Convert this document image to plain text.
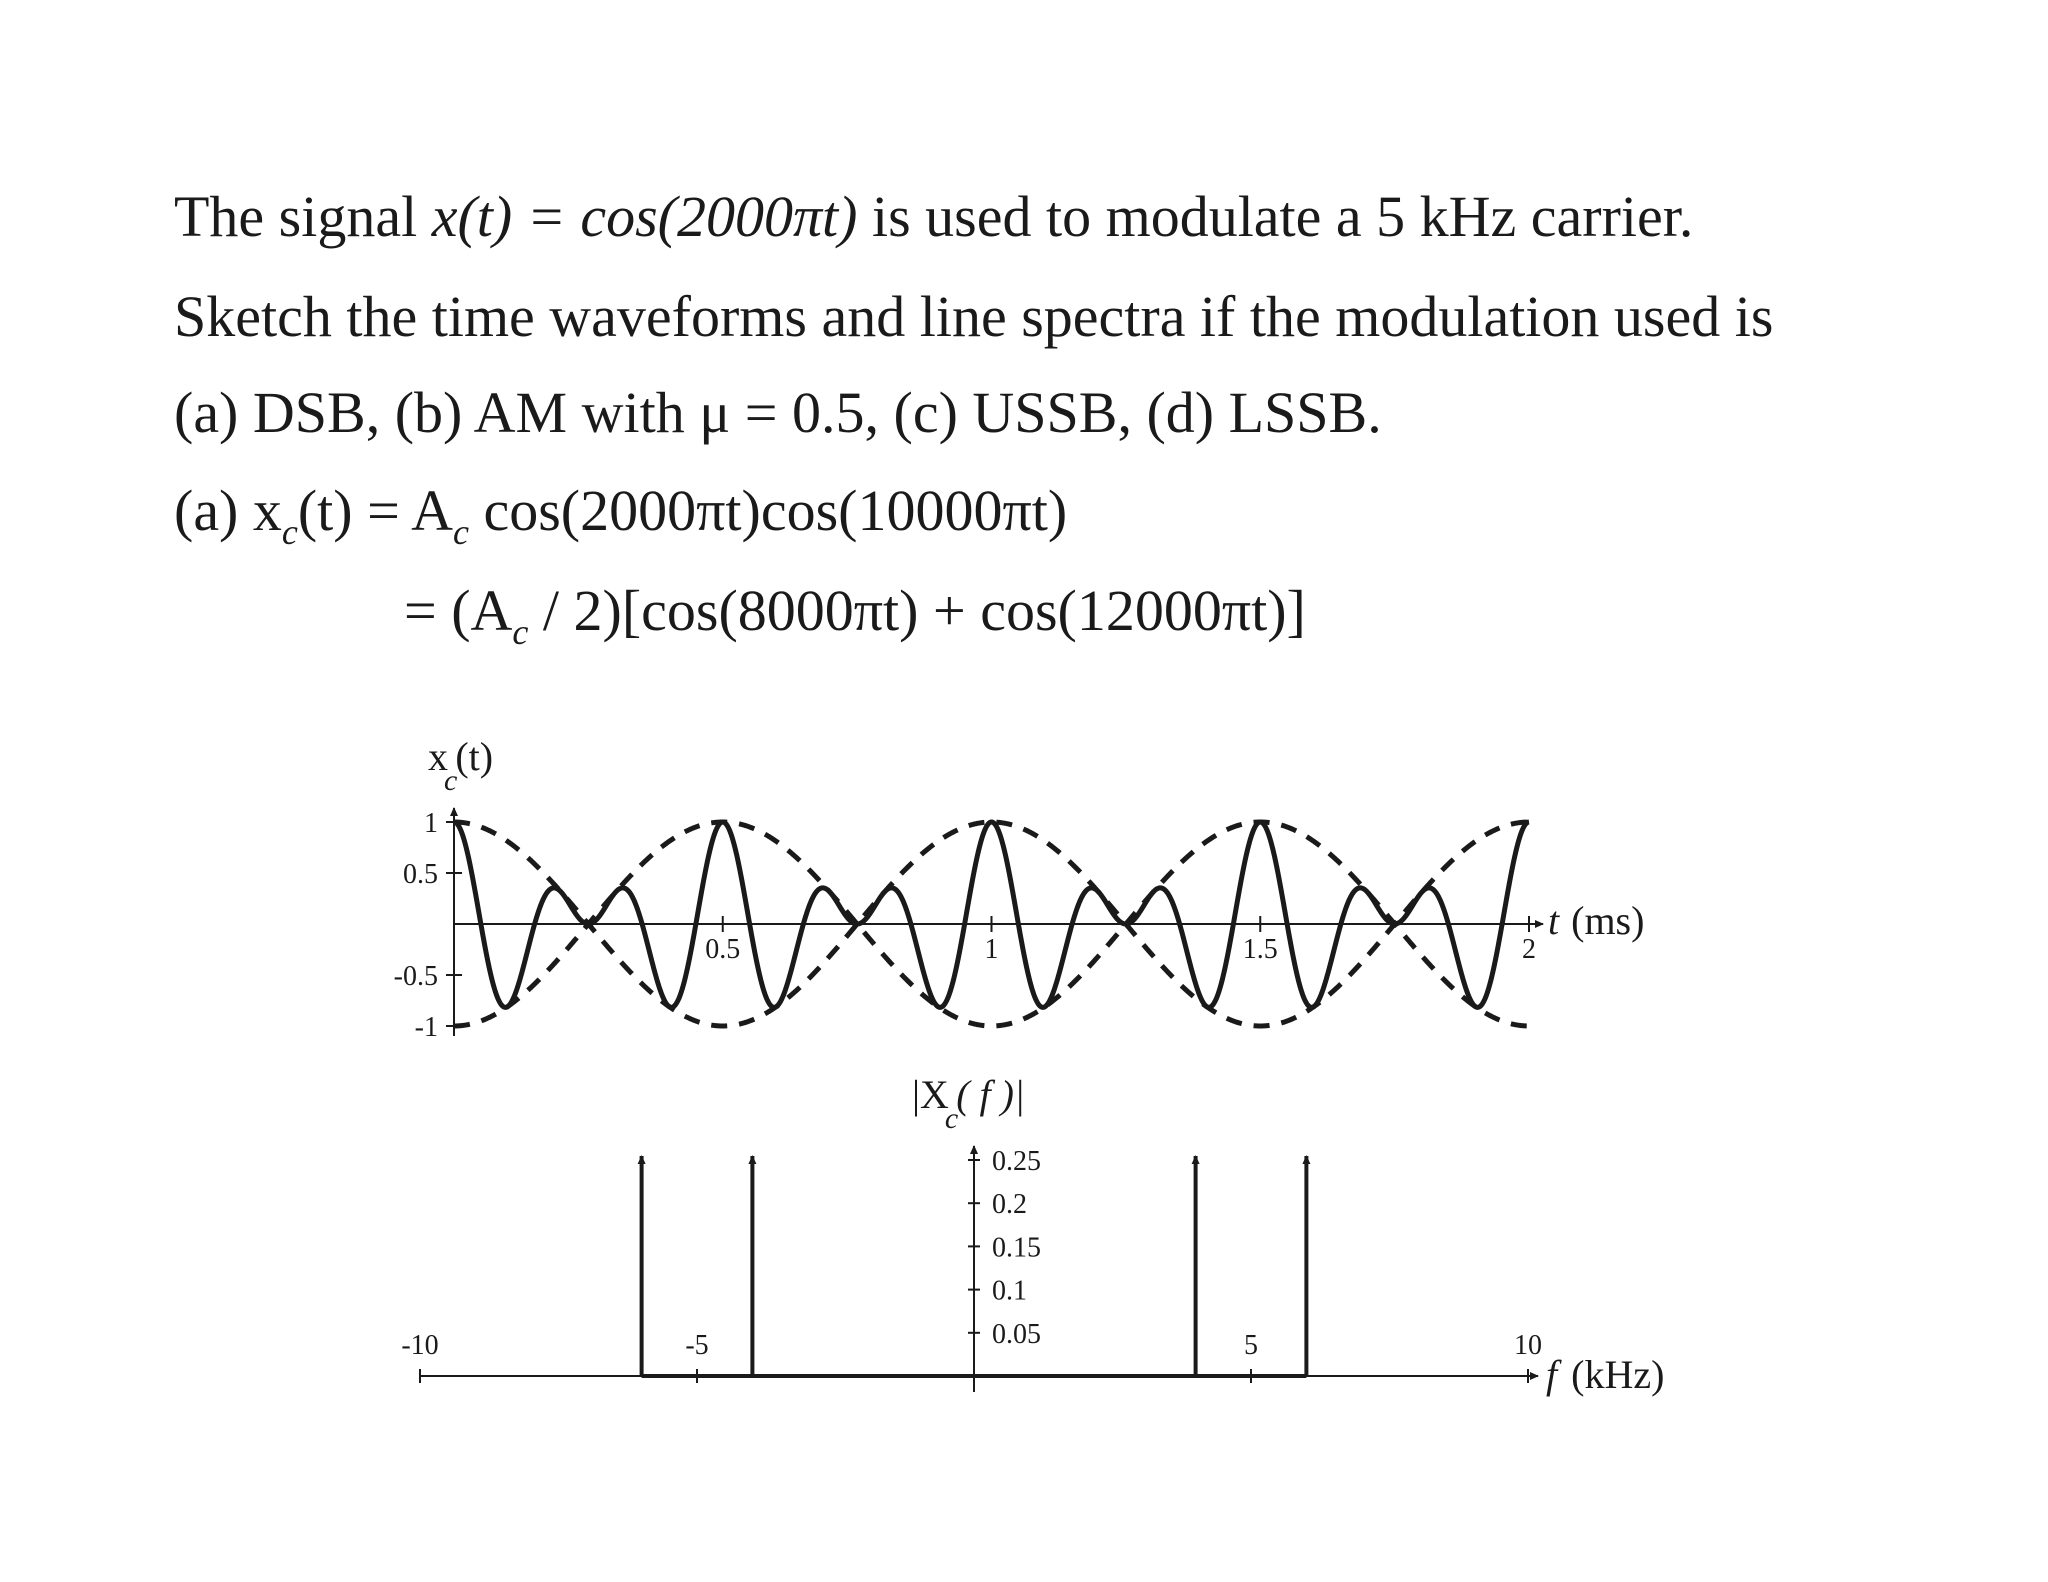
The signal x(t) = cos(2000πt) is used to modulate a 5 kHz carrier.

Sketch the time waveforms and line spectra if the modulation used is

(a) DSB, (b) AM with μ = 0.5, (c) USSB, (d) LSSB.

(a) $x_c(t) = A_c$ cos(2000πt)cos(10000πt)

= $(A_c / 2)[\cos(8000\pi t) + \cos(12000\pi t)]$

0.5	1	1.5	2
1
0.5
-0.5
-1
x c(t)
t (ms)
-10	-5	5	10
0.25
0.2
0.15
0.1
0.05
|X c( f )|
f (kHz)
